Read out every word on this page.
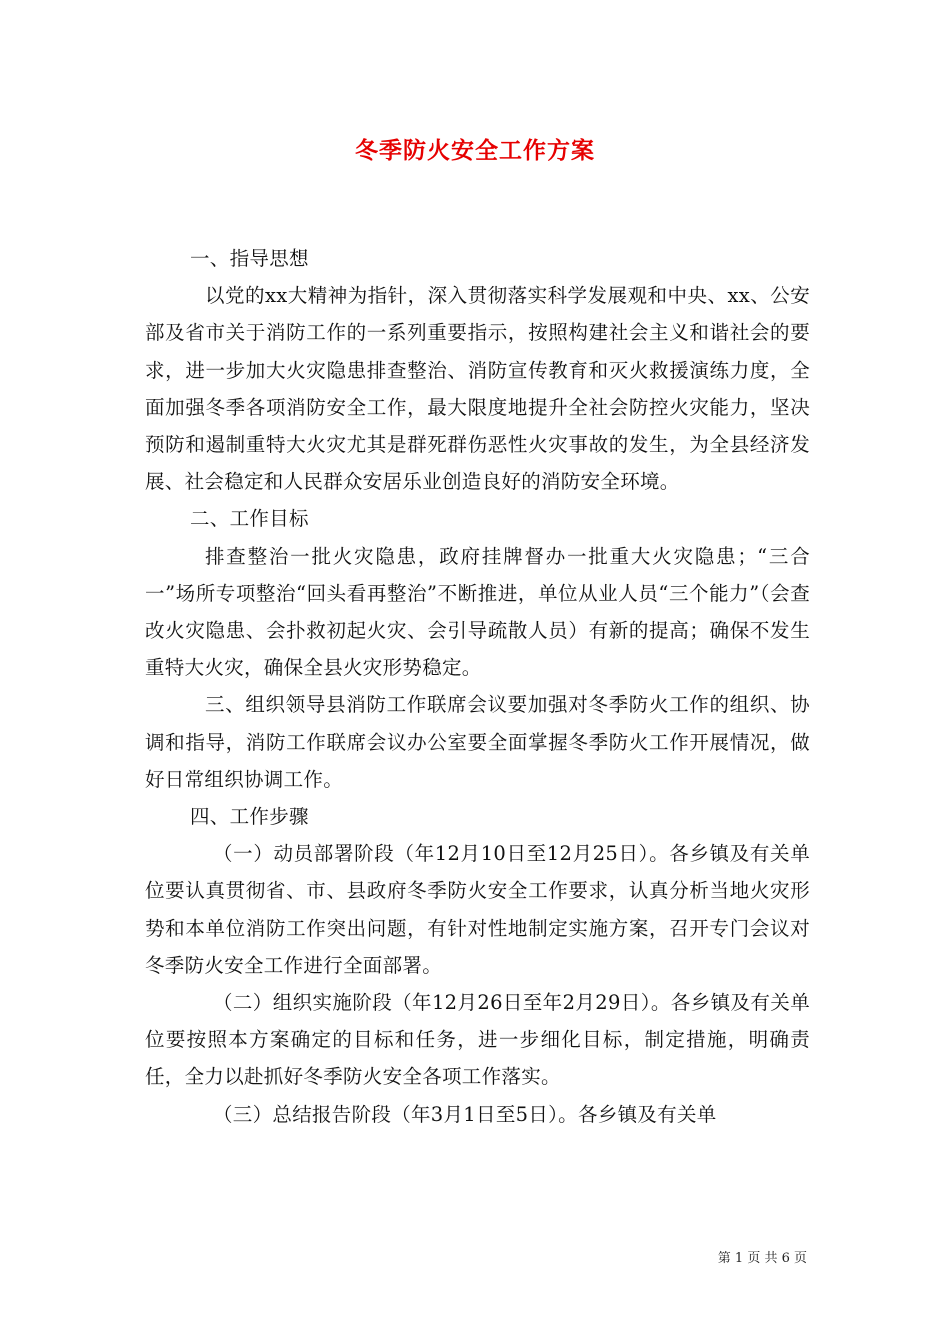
冬季防火安全工作方案

一、指导思想

以党的xx大精神为指针，深入贯彻落实科学发展观和中央、xx、公安部及省市关于消防工作的一系列重要指示，按照构建社会主义和谐社会的要求，进一步加大火灾隐患排查整治、消防宣传教育和灭火救援演练力度，全面加强冬季各项消防安全工作，最大限度地提升全社会防控火灾能力，坚决预防和遏制重特大火灾尤其是群死群伤恶性火灾事故的发生，为全县经济发展、社会稳定和人民群众安居乐业创造良好的消防安全环境。

二、工作目标

排查整治一批火灾隐患，政府挂牌督办一批重大火灾隐患；“三合一”场所专项整治“回头看再整治”不断推进，单位从业人员“三个能力”（会查改火灾隐患、会扑救初起火灾、会引导疏散人员）有新的提高；确保不发生重特大火灾，确保全县火灾形势稳定。

三、组织领导县消防工作联席会议要加强对冬季防火工作的组织、协调和指导，消防工作联席会议办公室要全面掌握冬季防火工作开展情况，做好日常组织协调工作。

四、工作步骤

（一）动员部署阶段（年12月10日至12月25日）。各乡镇及有关单位要认真贯彻省、市、县政府冬季防火安全工作要求，认真分析当地火灾形势和本单位消防工作突出问题，有针对性地制定实施方案，召开专门会议对冬季防火安全工作进行全面部署。

（二）组织实施阶段（年12月26日至年2月29日）。各乡镇及有关单位要按照本方案确定的目标和任务，进一步细化目标，制定措施，明确责任，全力以赴抓好冬季防火安全各项工作落实。

（三）总结报告阶段（年3月1日至5日）。各乡镇及有关单

第 1 页 共 6 页
